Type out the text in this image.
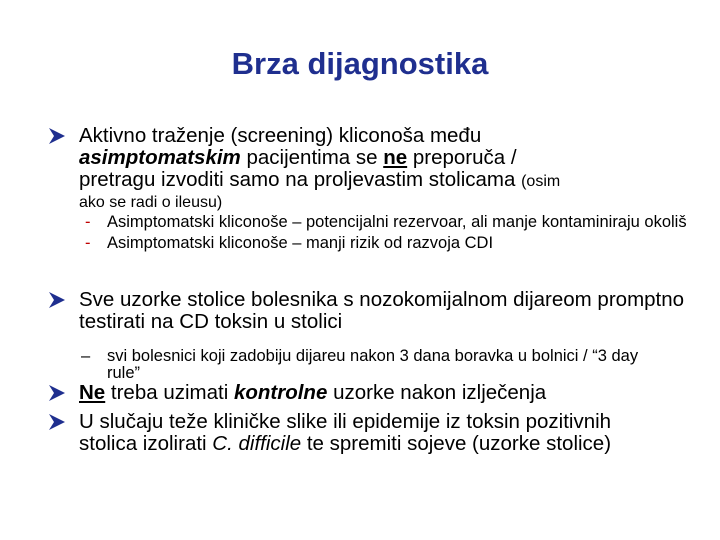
Brza dijagnostika
Aktivno traženje (screening) kliconoša među
asimptomatskim pacijentima se ne preporuča /
pretragu izvoditi samo na proljevastim stolicama (osim
ako se radi o ileusu)
- Asimptomatski kliconoše – potencijalni rezervoar, ali manje kontaminiraju okoliš
- Asimptomatski kliconoše – manji rizik od razvoja CDI
Sve uzorke stolice bolesnika s nozokomijalnom dijareom promptno testirati na CD toksin u stolici
– svi bolesnici koji zadobiju dijareu nakon 3 dana boravka u bolnici / “3 day rule”
Ne treba uzimati kontrolne uzorke nakon izlječenja
U slučaju teže kliničke slike ili epidemije iz toksin pozitivnih stolica izolirati C. difficile te spremiti sojeve (uzorke stolice)
